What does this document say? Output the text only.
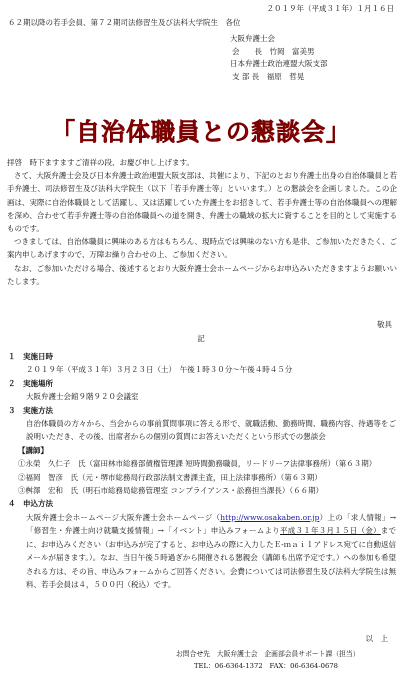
２０１９年（平成３１年）１月１６日
６２期以降の若手会員、第７２期司法修習生及び法科大学院生　各位
大阪弁護士会
会　　長　竹岡　富美男
日本弁護士政治連盟大阪支部
支 部 長　福原　哲晃
「自治体職員との懇談会」

拝啓　時下ますますご清祥の段、お慶び申し上げます。

さて、大阪弁護士会及び日本弁護士政治連盟大阪支部は、共催により、下記のとおり弁護士出身の自治体職員と若手弁護士、司法修習生及び法科大学院生（以下「若手弁護士等」といいます。）との懇談会を企画しました。この企画は、実際に自治体職員として活躍し、又は活躍していた弁護士をお招きして、若手弁護士等の自治体職員への理解を深め、合わせて若手弁護士等の自治体職員への道を開き、弁護士の職域の拡大に資することを目的として実施するものです。

つきましては、自治体職員に興味のある方はもちろん、現時点では興味のない方も是非、ご参加いただきたく、ご案内申しあげますので、万障お繰り合わせの上、ご参加ください。

なお、ご参加いただける場合、後述するとおり大阪弁護士会ホームページからお申込みいただきますようお願いいたします。

敬具
記
１　実施日時
２０１９年（平成３１年）３月２３日（土）　午後１時３０分～午後４時４５分
２　実施場所
大阪弁護士会館９階９２０会議室
３　実施方法
自治体職員の方々から、当会からの事前質問事項に答える形で、就職活動、勤務時間、職務内容、待遇等をご説明いただき、その後、出席者からの個別の質問にお答えいただくという形式での懇談会
【講師】
①永榮　久仁子　氏（富田林市総務部債権管理課 短時間勤務職員，リードリーフ法律事務所）（第６３期）
②福岡　智彦　氏（元・堺市総務局行政部法制文書課主査，田上法律事務所）（第６３期）
③桝澤　宏和　氏（明石市総務局総務管理室 コンプライアンス・訟務担当課長）（６６期）
４　申込方法
大阪弁護士会ホームページ大阪弁護士会ホームページ（http://www.osakaben.or.jp）上の「求人情報」→「修習生・弁護士向け就職支援情報」→「イベント」申込みフォームより平成３１年３月１５日（金）までに、お申込みください（お申込みが完了すると、お申込みの際に入力したＥ-ｍａｉｌアドレス宛てに自動返信メールが届きます。）。なお、当日午後５時過ぎから開催される懇親会（講師も出席予定です。）への参加も希望される方は、その旨、申込みフォームからご回答ください。会費については司法修習生及び法科大学院生は無料、若手会員は４，５００円（税込）です。
以　上
お問合せ先　大阪弁護士会　企画部会員サポート課（担当）
TEL：06-6364-1372　FAX：06-6364-0678
